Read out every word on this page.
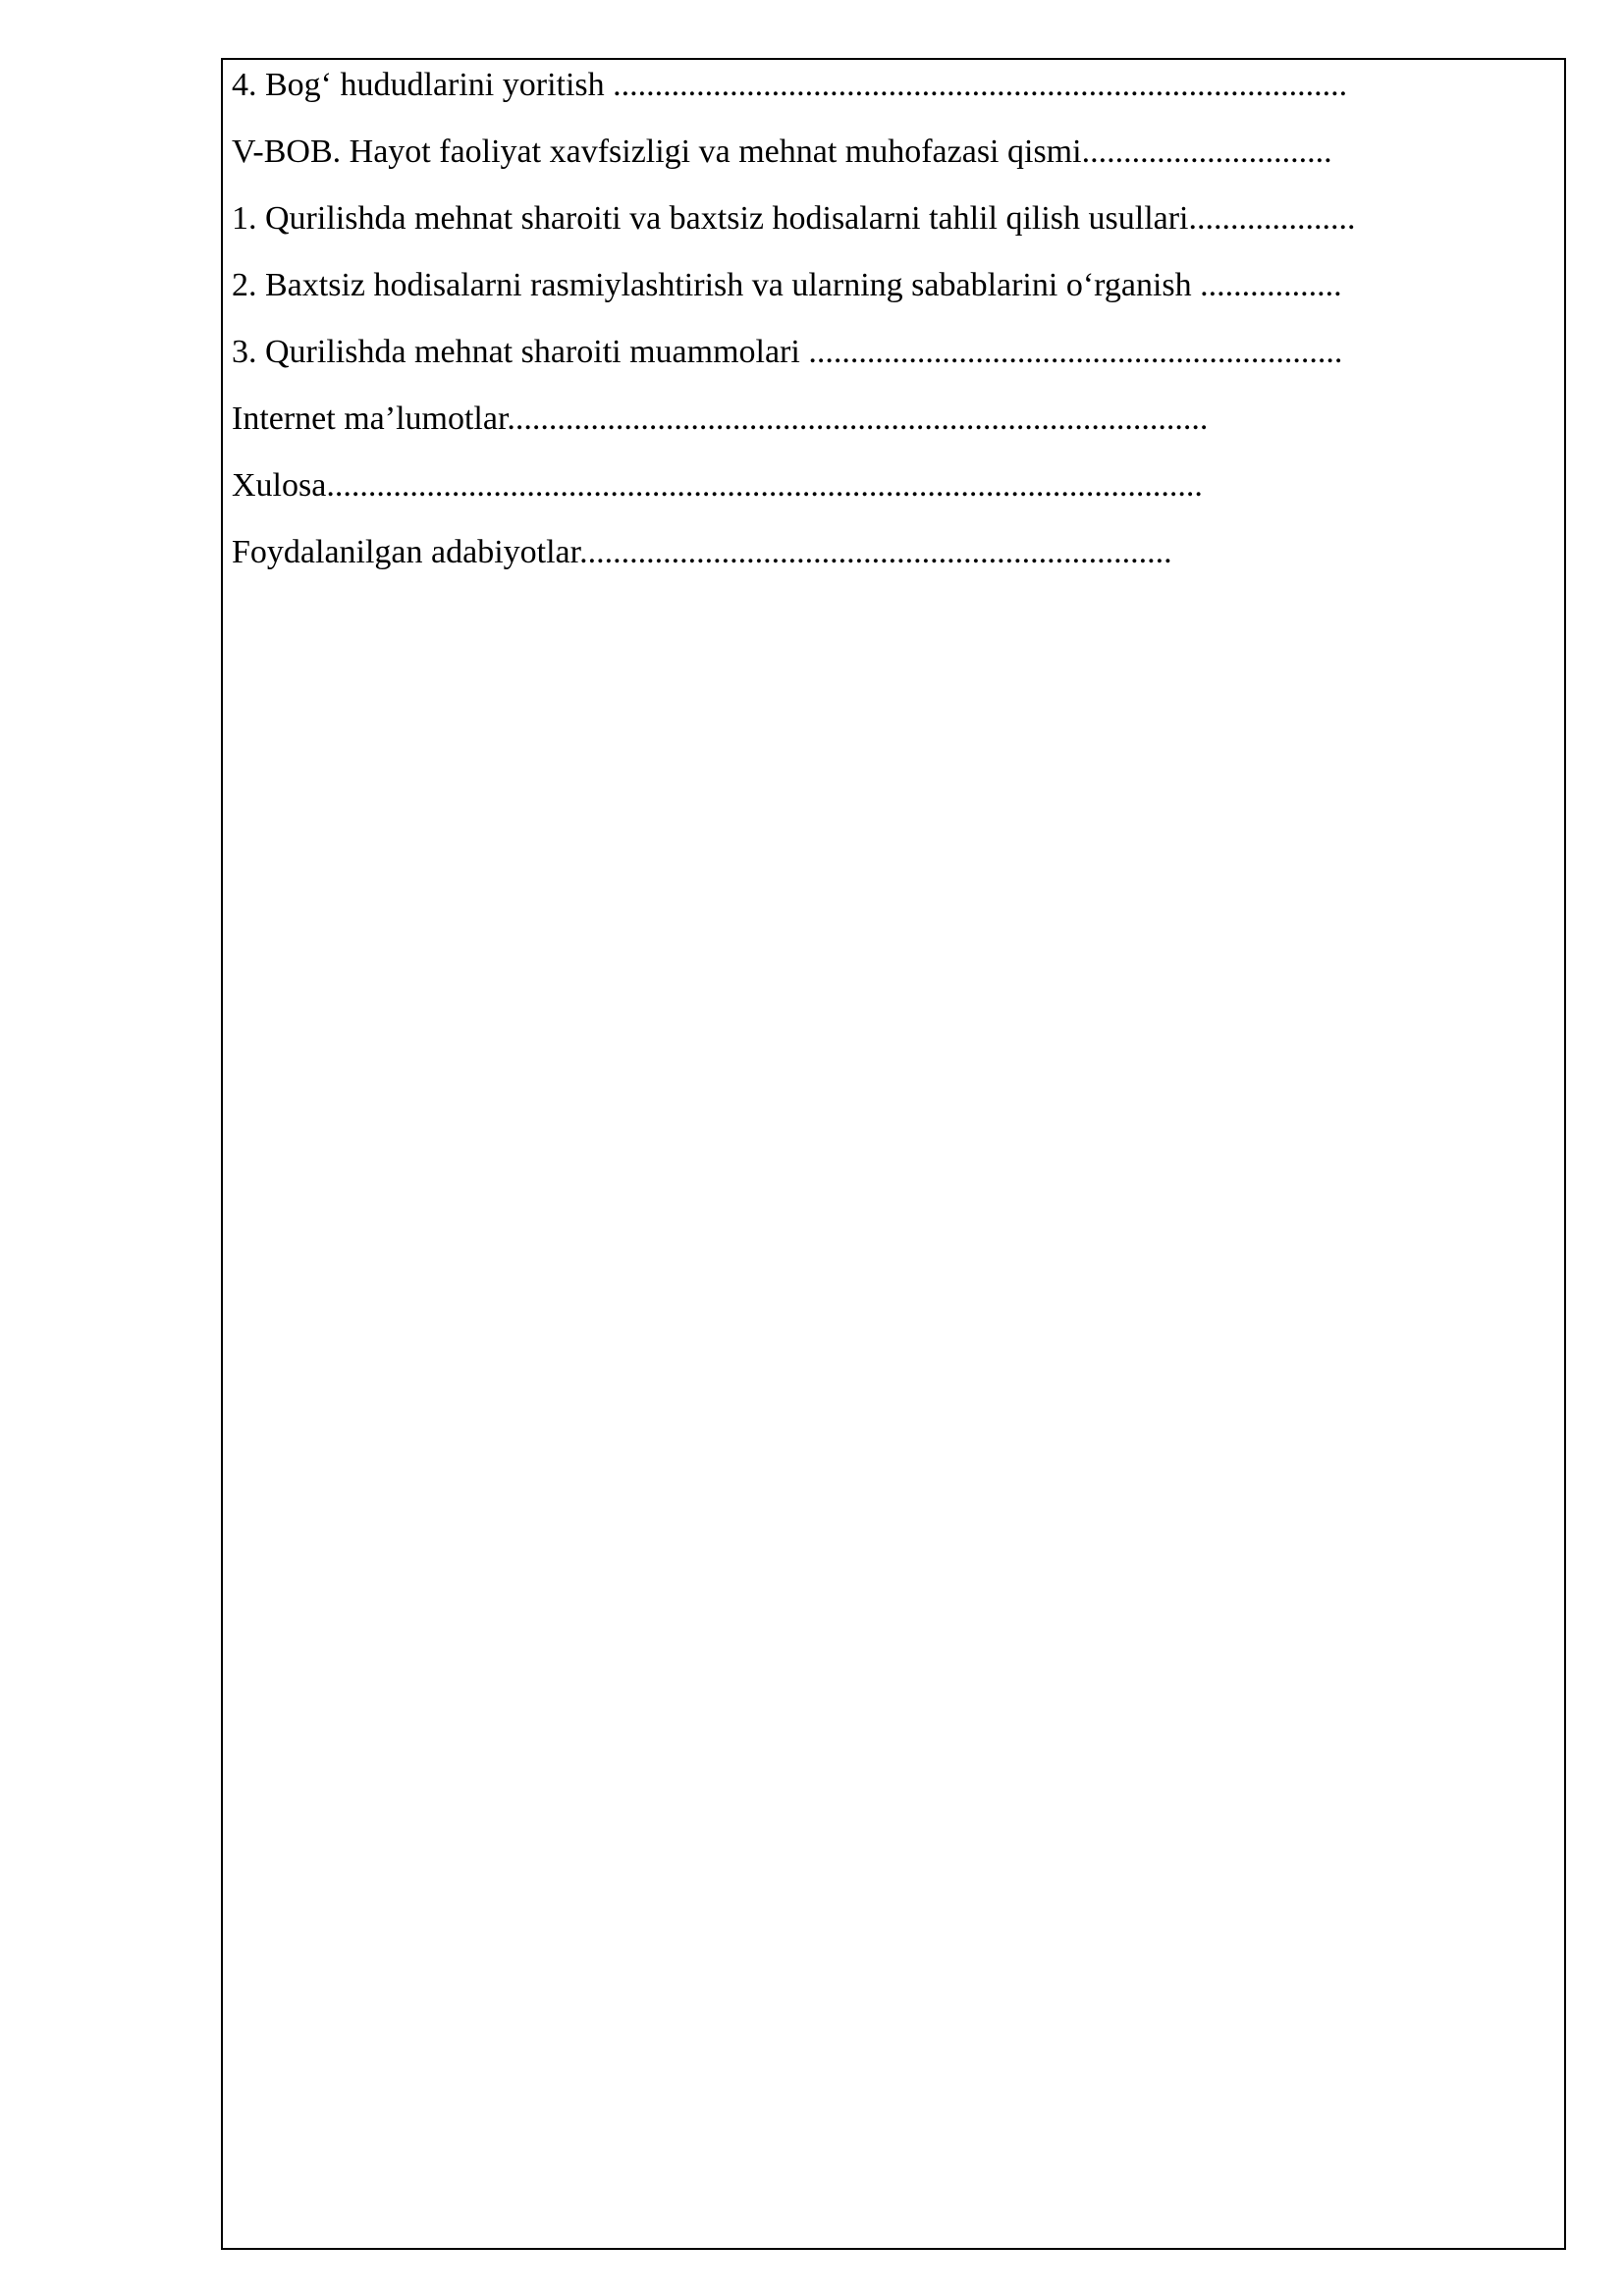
4. Bog‘ hududlarini yoritish ........................................................................................
V-BOB. Hayot faoliyat xavfsizligi va mehnat muhofazasi qismi..............................
1. Qurilishda mehnat sharoiti va baxtsiz hodisalarni tahlil qilish usullari....................
2. Baxtsiz hodisalarni rasmiylashtirish va ularning sabablarini o‘rganish .................
3. Qurilishda mehnat sharoiti muammolari ................................................................
Internet ma’lumotlar....................................................................................
Xulosa.........................................................................................................
Foydalanilgan adabiyotlar.......................................................................
